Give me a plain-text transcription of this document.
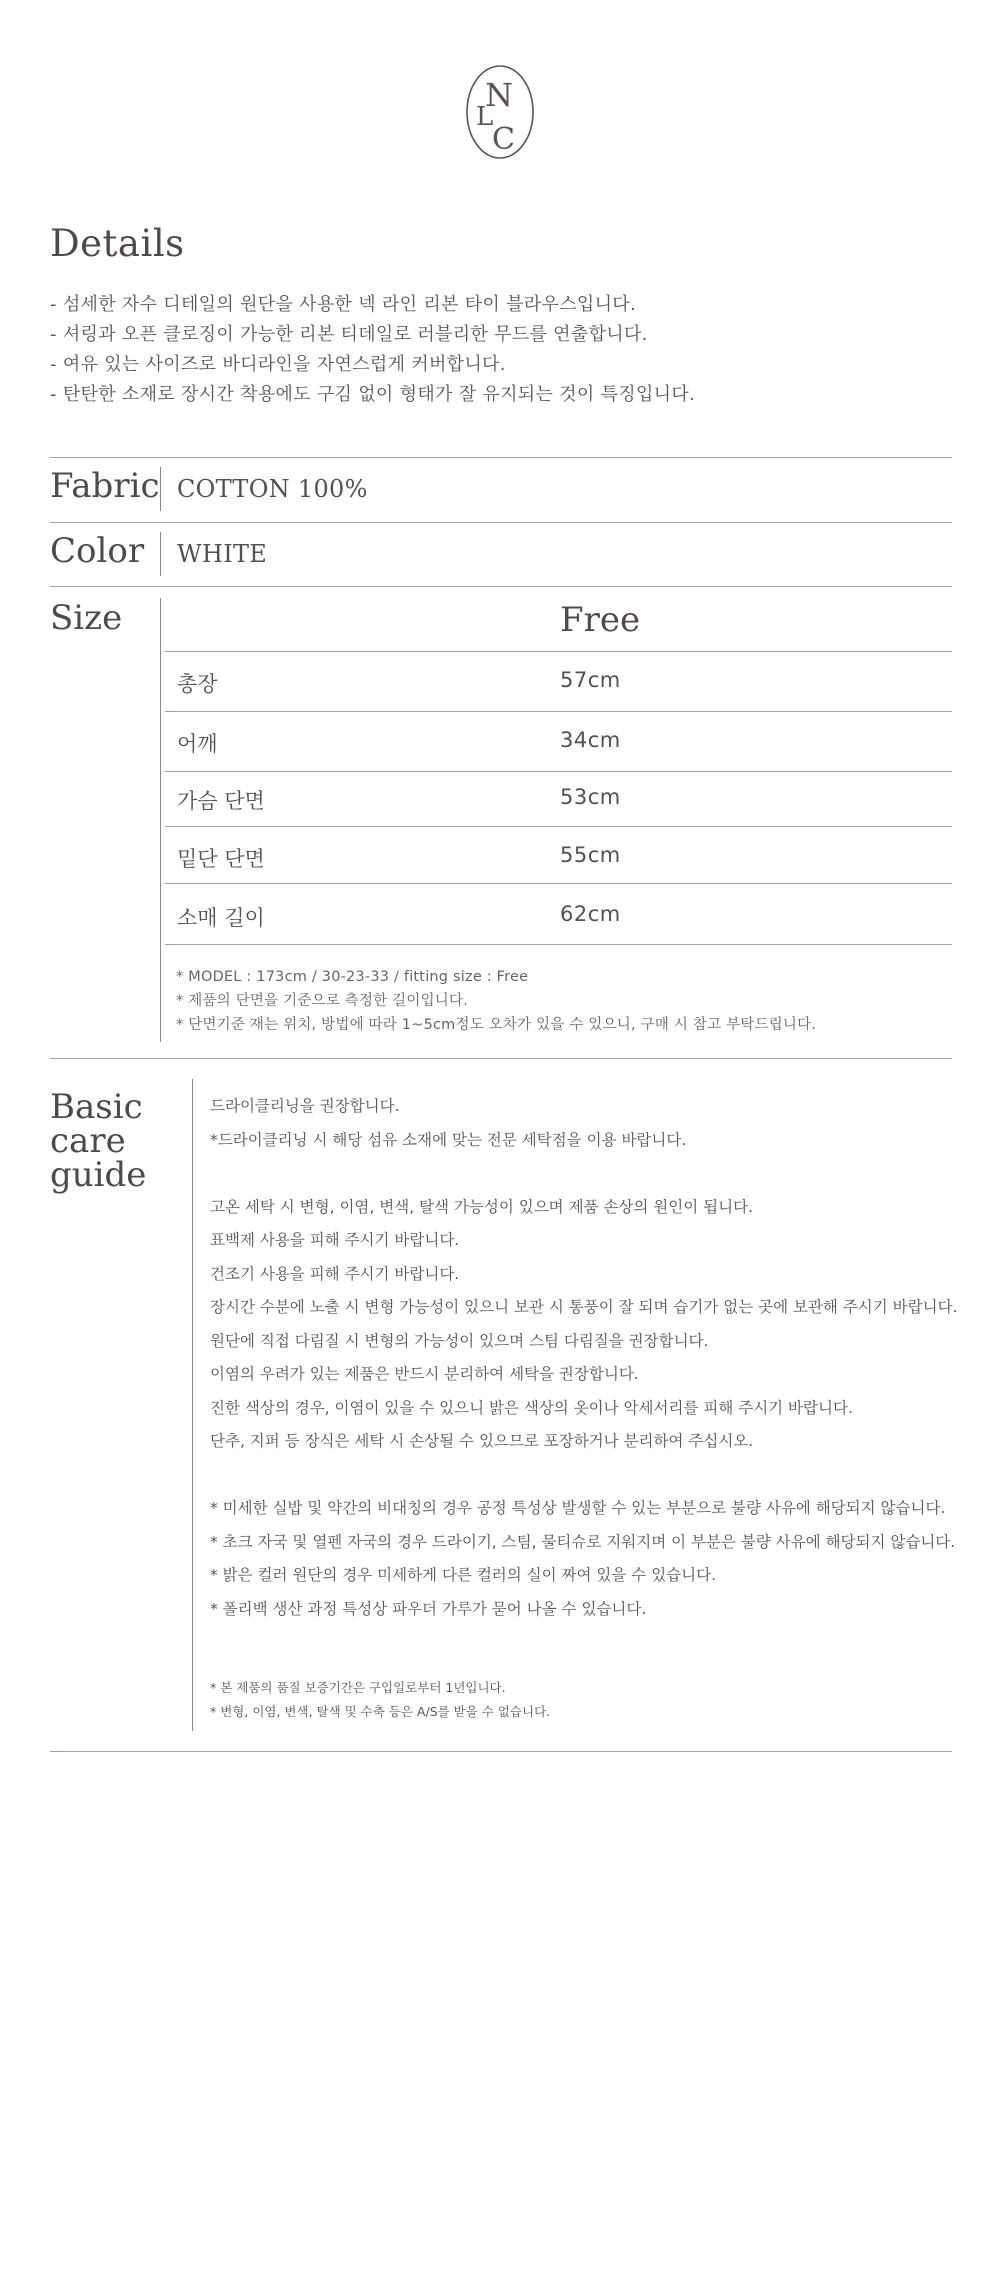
N
L
C
Details
- 섬세한 자수 디테일의 원단을 사용한 넥 라인 리본 타이 블라우스입니다.
- 셔링과 오픈 클로징이 가능한 리본 티데일로 러블리한 무드를 연출합니다.
- 여유 있는 사이즈로 바디라인을 자연스럽게 커버합니다.
- 탄탄한 소재로 장시간 착용에도 구김 없이 형태가 잘 유지되는 것이 특징입니다.
Fabric COTTON 100%
Color WHITE
Size	Free
총장	57cm
어깨	34cm
가슴 단면	53cm
밑단 단면	55cm
소매 길이	62cm
* MODEL : 173cm / 30-23-33 / fitting size : Free
* 제품의 단면을 기준으로 측정한 길이입니다.
* 단면기준 재는 위치, 방법에 따라 1~5cm정도 오차가 있을 수 있으니, 구매 시 참고 부탁드립니다.
Basic
care
guide
드라이클리닝을 권장합니다.
*드라이클리닝 시 해당 섬유 소재에 맞는 전문 세탁점을 이용 바랍니다.
고온 세탁 시 변형, 이염, 변색, 탈색 가능성이 있으며 제품 손상의 원인이 됩니다.
표백제 사용을 피해 주시기 바랍니다.
건조기 사용을 피해 주시기 바랍니다.
장시간 수분에 노출 시 변형 가능성이 있으니 보관 시 통풍이 잘 되며 습기가 없는 곳에 보관해 주시기 바랍니다.
원단에 직접 다림질 시 변형의 가능성이 있으며 스팀 다림질을 권장합니다.
이염의 우려가 있는 제품은 반드시 분리하여 세탁을 권장합니다.
진한 색상의 경우, 이염이 있을 수 있으니 밝은 색상의 옷이나 악세서리를 피해 주시기 바랍니다.
단추, 지퍼 등 장식은 세탁 시 손상될 수 있으므로 포장하거나 분리하여 주십시오.
* 미세한 실밥 및 약간의 비대칭의 경우 공정 특성상 발생할 수 있는 부분으로 불량 사유에 해당되지 않습니다.
* 초크 자국 및 열펜 자국의 경우 드라이기, 스팀, 물티슈로 지워지며 이 부분은 불량 사유에 해당되지 않습니다.
* 밝은 컬러 원단의 경우 미세하게 다른 컬러의 실이 짜여 있을 수 있습니다.
* 폴리백 생산 과정 특성상 파우더 가루가 묻어 나올 수 있습니다.
* 본 제품의 품질 보증기간은 구입일로부터 1년입니다.
* 변형, 이염, 변색, 탈색 및 수축 등은 A/S를 받을 수 없습니다.
